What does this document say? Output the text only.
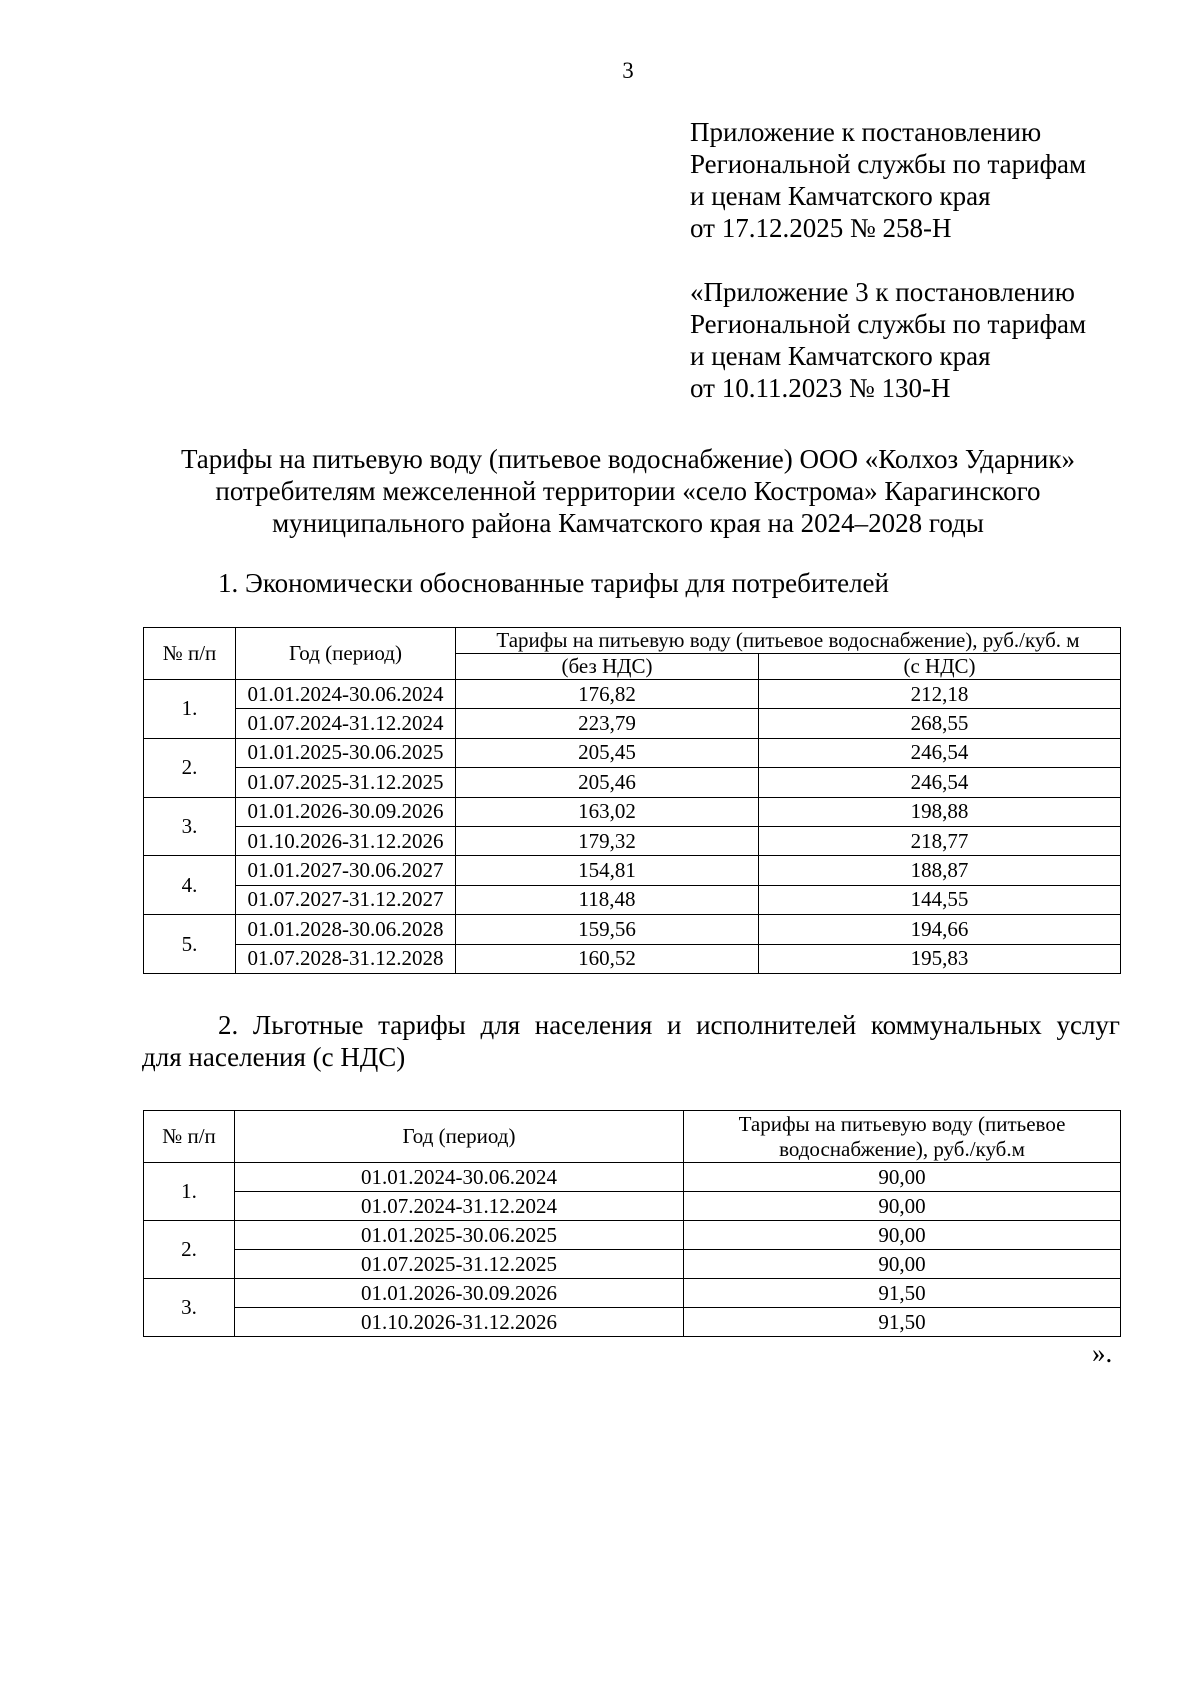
3
Приложение к постановлению
Региональной службы по тарифам
и ценам Камчатского края
от 17.12.2025 № 258-Н
«Приложение 3 к постановлению
Региональной службы по тарифам
и ценам Камчатского края
от 10.11.2023 № 130-Н
Тарифы на питьевую воду (питьевое водоснабжение) ООО «Колхоз Ударник»
потребителям межселенной территории «село Кострома» Карагинского
муниципального района Камчатского края на 2024–2028 годы
1. Экономически обоснованные тарифы для потребителей
№ п/п	Год (период)	Тарифы на питьевую воду (питьевое водоснабжение), руб./куб. м	
		(без НДС)	(с НДС)
1.	01.01.2024-30.06.2024	176,82	212,18
	01.07.2024-31.12.2024	223,79	268,55
2.	01.01.2025-30.06.2025	205,45	246,54
	01.07.2025-31.12.2025	205,46	246,54
3.	01.01.2026-30.09.2026	163,02	198,88
	01.10.2026-31.12.2026	179,32	218,77
4.	01.01.2027-30.06.2027	154,81	188,87
	01.07.2027-31.12.2027	118,48	144,55
5.	01.01.2028-30.06.2028	159,56	194,66
	01.07.2028-31.12.2028	160,52	195,83
2. Льготные тарифы для населения и исполнителей коммунальных услуг
для населения (с НДС)
№ п/п	Год (период)	Тарифы на питьевую воду (питьевое
водоснабжение), руб./куб.м

1.	01.01.2024-30.06.2024	90,00
	01.07.2024-31.12.2024	90,00
2.	01.01.2025-30.06.2025	90,00
	01.07.2025-31.12.2025	90,00
3.	01.01.2026-30.09.2026	91,50
	01.10.2026-31.12.2026	91,50
».
